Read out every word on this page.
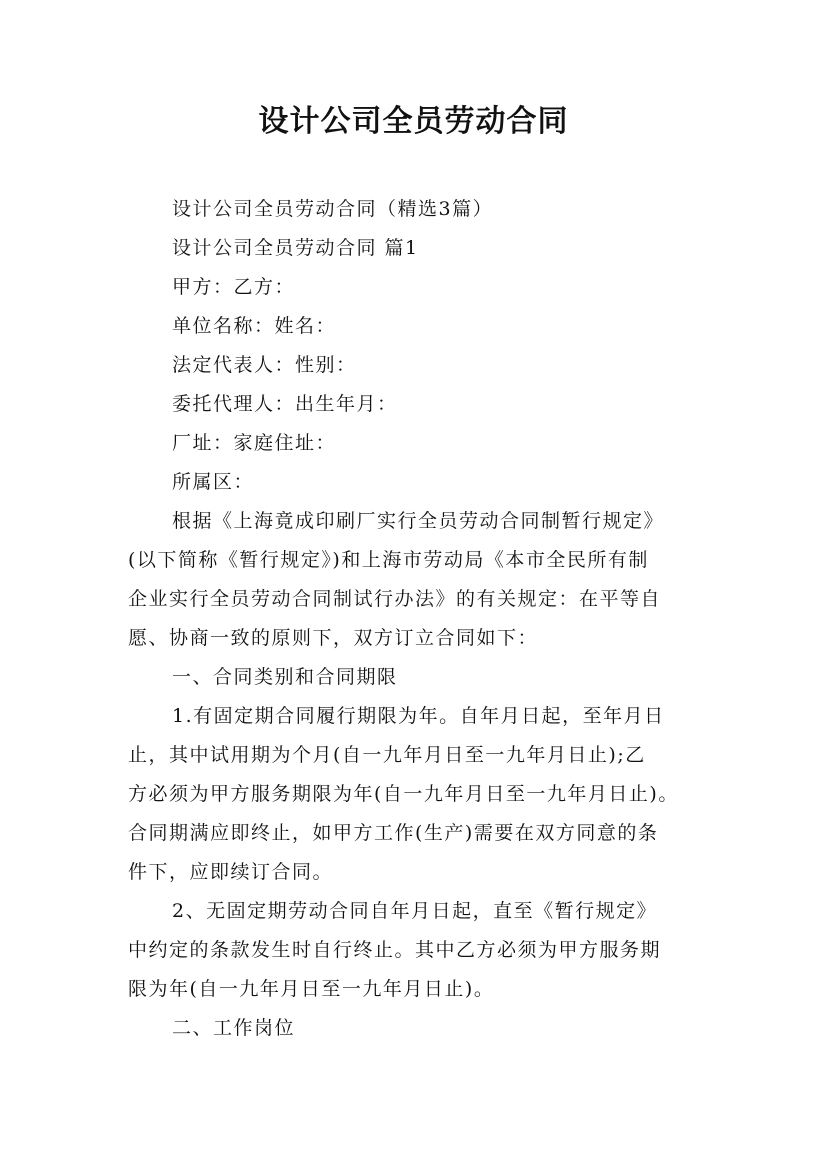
设计公司全员劳动合同
设计公司全员劳动合同（精选3篇）
设计公司全员劳动合同 篇1
甲方：乙方：
单位名称：姓名：
法定代表人：性别：
委托代理人：出生年月：
厂址：家庭住址：
所属区：
根据《上海竟成印刷厂实行全员劳动合同制暂行规定》
(以下简称《暂行规定》)和上海市劳动局《本市全民所有制
企业实行全员劳动合同制试行办法》的有关规定：在平等自
愿、协商一致的原则下，双方订立合同如下：
一、合同类别和合同期限
1.有固定期合同履行期限为年。自年月日起，至年月日
止，其中试用期为个月(自一九年月日至一九年月日止);乙
方必须为甲方服务期限为年(自一九年月日至一九年月日止)。
合同期满应即终止，如甲方工作(生产)需要在双方同意的条
件下，应即续订合同。
2、无固定期劳动合同自年月日起，直至《暂行规定》
中约定的条款发生时自行终止。其中乙方必须为甲方服务期
限为年(自一九年月日至一九年月日止)。
二、工作岗位
